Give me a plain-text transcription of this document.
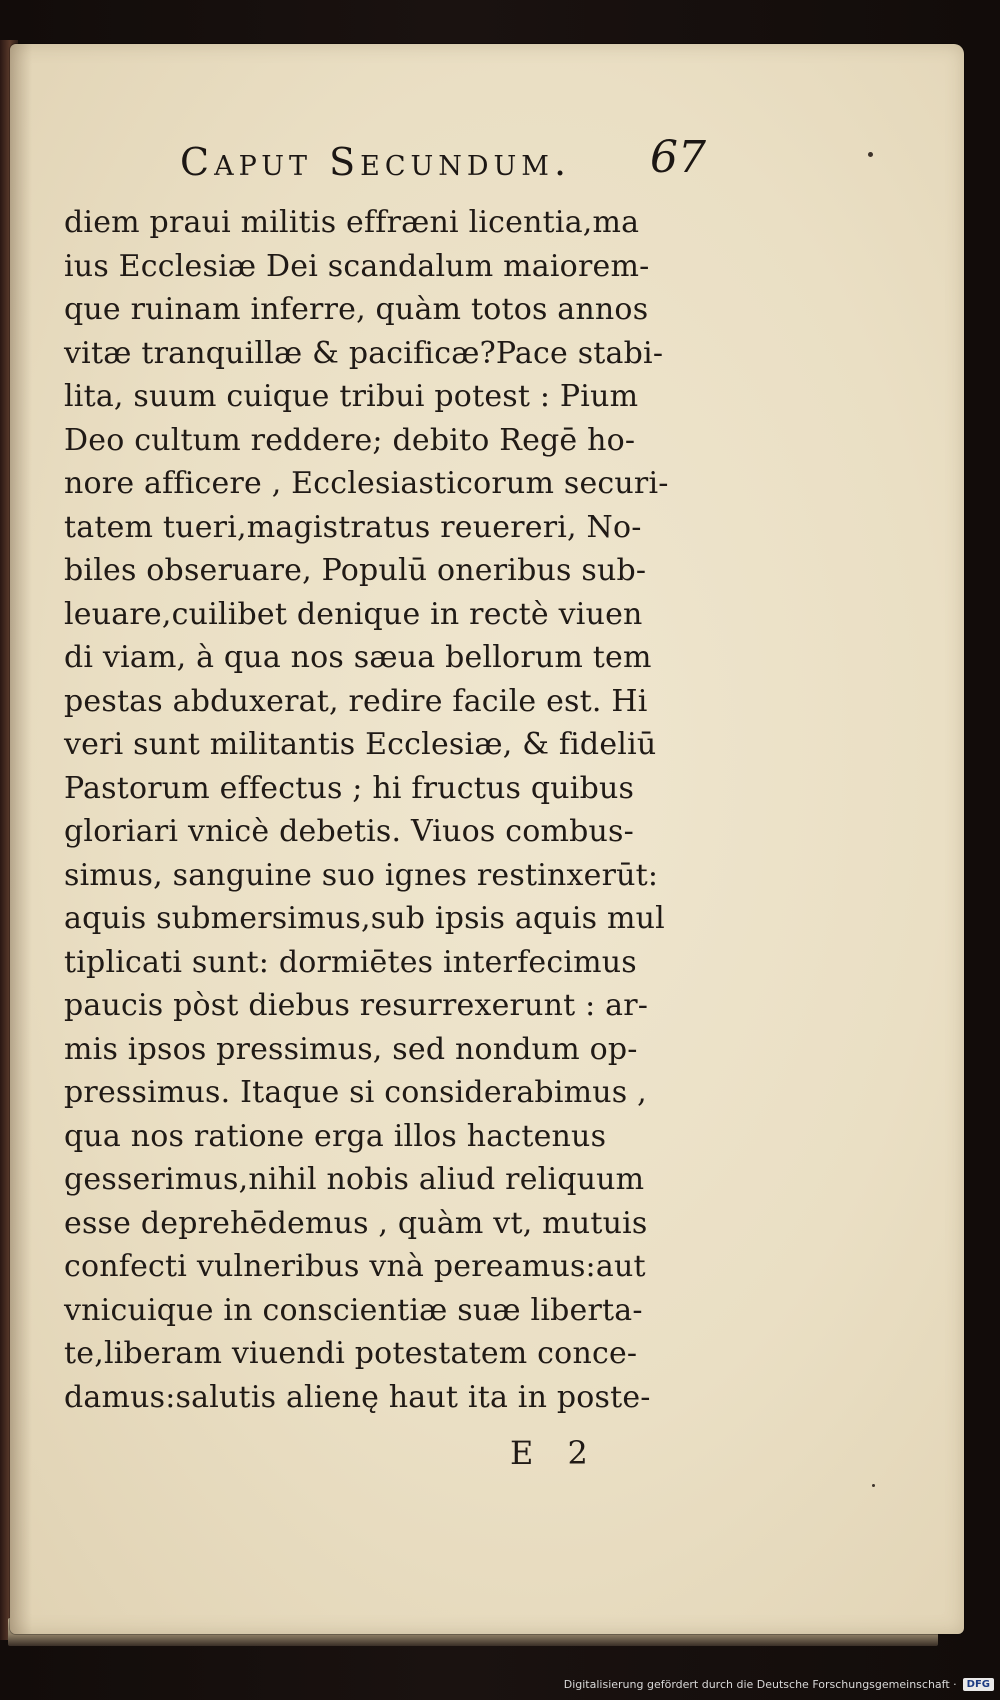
Caput Secundum. 67
diem praui militis effræni licentia,ma
ius Ecclesiæ Dei scandalum maiorem-
que ruinam inferre, quàm totos annos
vitæ tranquillæ & pacificæ?Pace stabi-
lita, suum cuique tribui potest : Pium
Deo cultum reddere; debito Regē ho-
nore afficere , Ecclesiasticorum securi-
tatem tueri,magistratus reuereri, No-
biles obseruare, Populū oneribus sub-
leuare,cuilibet denique in rectè viuen
di viam, à qua nos sæua bellorum tem
pestas abduxerat, redire facile est. Hi
veri sunt militantis Ecclesiæ, & fideliū
Pastorum effectus ; hi fructus quibus
gloriari vnicè debetis. Viuos combus-
simus, sanguine suo ignes restinxerūt:
aquis submersimus,sub ipsis aquis mul
tiplicati sunt: dormiētes interfecimus
paucis pòst diebus resurrexerunt : ar-
mis ipsos pressimus, sed nondum op-
pressimus. Itaque si considerabimus ,
qua nos ratione erga illos hactenus
gesserimus,nihil nobis aliud reliquum
esse deprehēdemus , quàm vt, mutuis
confecti vulneribus vnà pereamus:aut
vnicuique in conscientiæ suæ liberta-
te,liberam viuendi potestatem conce-
damus:salutis alienę haut ita in poste-
E 2
Digitalisierung gefördert durch die Deutsche Forschungsgemeinschaft ·	DFG
